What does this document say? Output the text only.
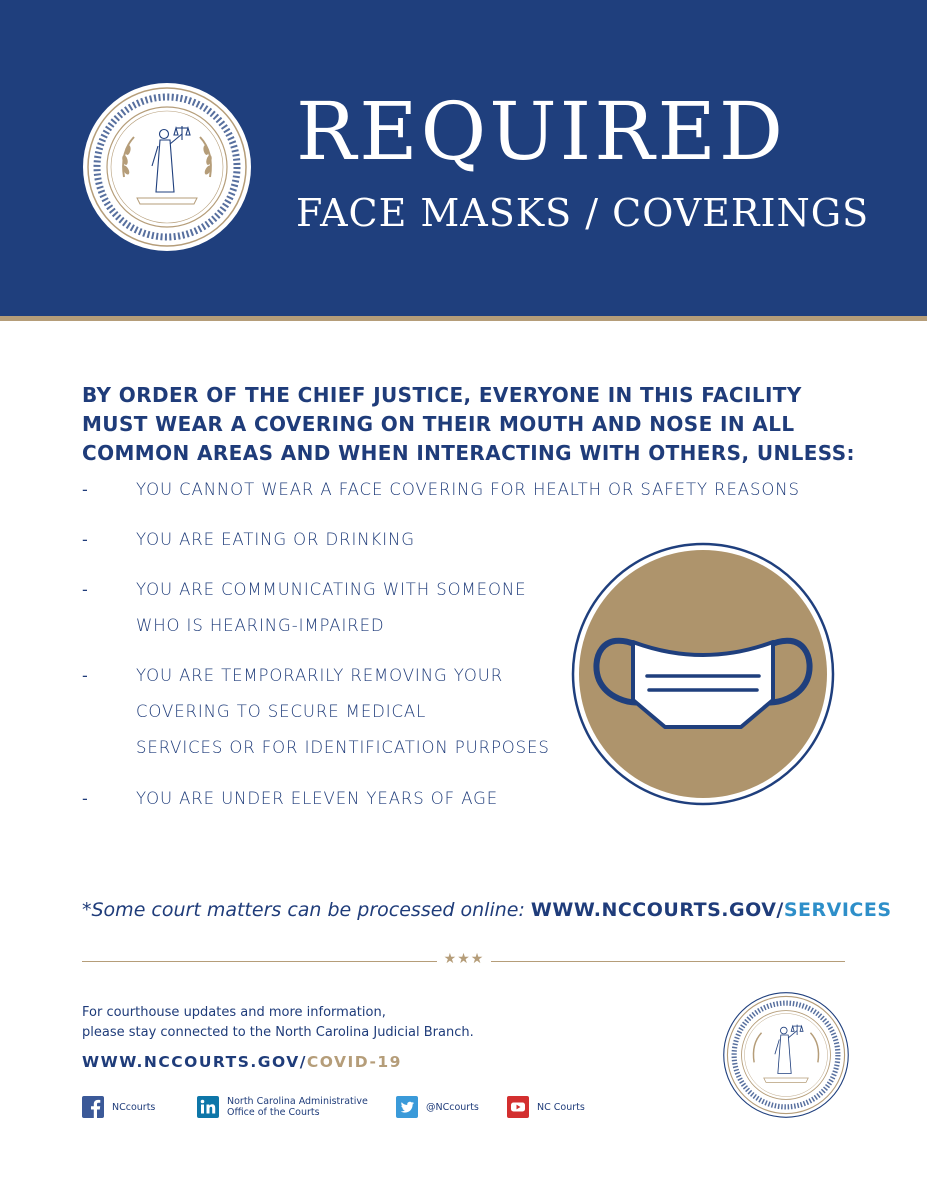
REQUIRED
FACE MASKS / COVERINGS
BY ORDER OF THE CHIEF JUSTICE, EVERYONE IN THIS FACILITY MUST WEAR A COVERING ON THEIR MOUTH AND NOSE IN ALL COMMON AREAS AND WHEN INTERACTING WITH OTHERS, UNLESS:
-	YOU CANNOT WEAR A FACE COVERING FOR HEALTH OR SAFETY REASONS
-	YOU ARE EATING OR DRINKING
-	YOU ARE COMMUNICATING WITH SOMEONE
WHO IS HEARING-IMPAIRED
-	YOU ARE TEMPORARILY REMOVING YOUR
COVERING TO SECURE MEDICAL
SERVICES OR FOR IDENTIFICATION PURPOSES
-	YOU ARE UNDER ELEVEN YEARS OF AGE
*Some court matters can be processed online: WWW.NCCOURTS.GOV/SERVICES
★★★
For courthouse updates and more information,
please stay connected to the North Carolina Judicial Branch.
WWW.NCCOURTS.GOV/COVID-19
NCcourts	North Carolina Administrative
Office of the Courts	@NCcourts	NC Courts
